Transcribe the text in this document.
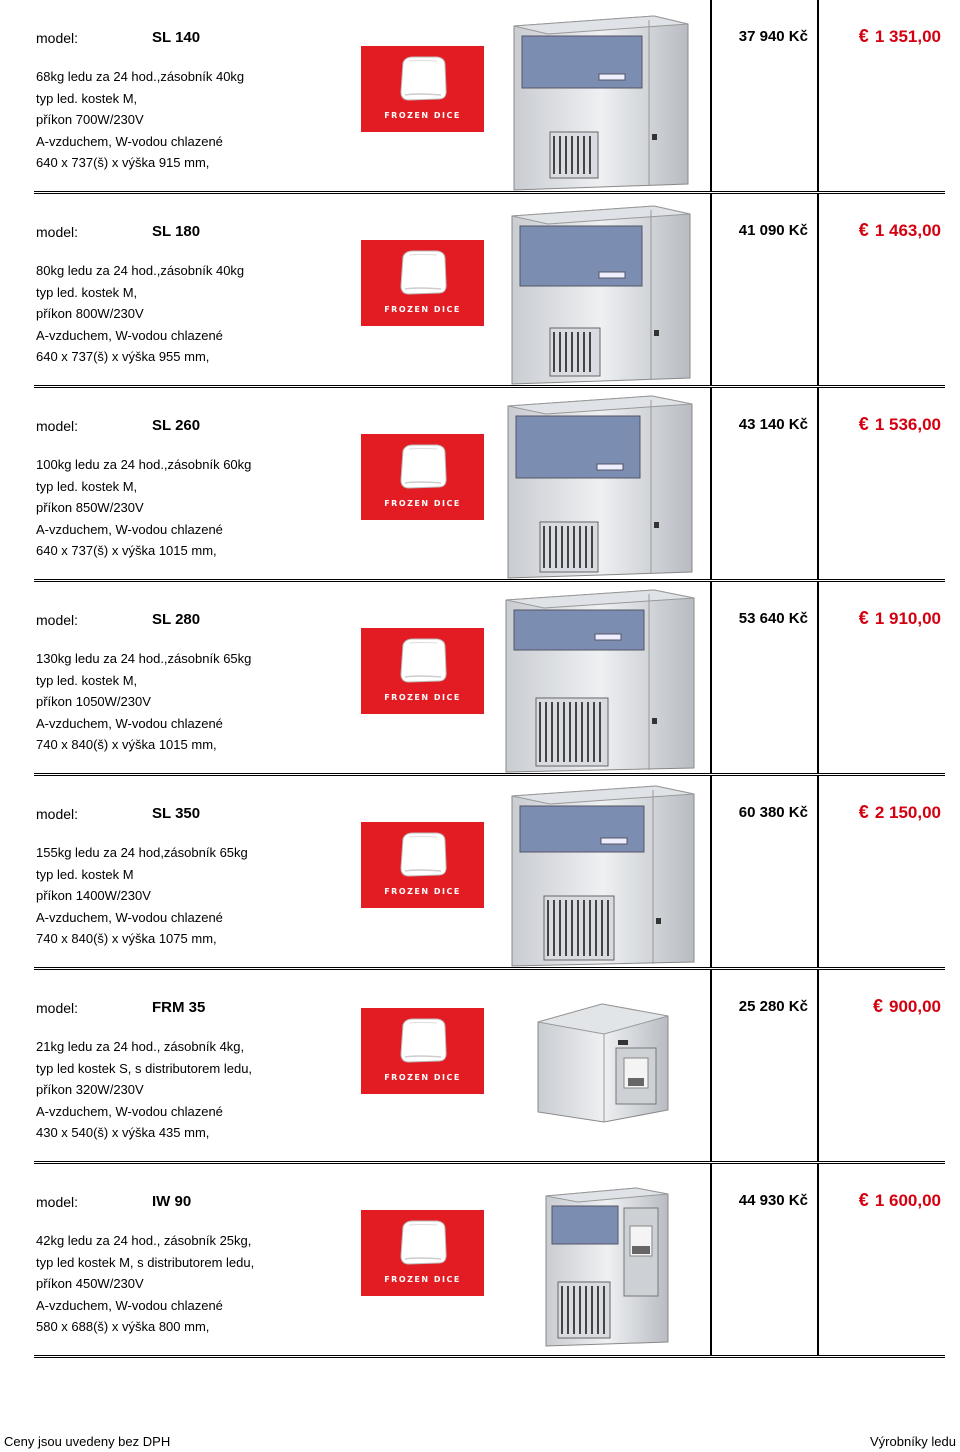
model:	SL 140	37 940 Kč	€ 1 351,00
68kg ledu za 24 hod.,zásobník 40kg
typ led. kostek M,
příkon 700W/230V
A-vzduchem, W-vodou chlazené
640 x 737(š) x výška 915 mm,
FROZEN DICE
model:	SL 180	41 090 Kč	€ 1 463,00
80kg ledu za 24 hod.,zásobník 40kg
typ led. kostek M,
příkon 800W/230V
A-vzduchem, W-vodou chlazené
640 x 737(š) x výška 955 mm,
FROZEN DICE
model:	SL 260	43 140 Kč	€ 1 536,00
100kg ledu za 24 hod.,zásobník 60kg
typ led. kostek M,
příkon 850W/230V
A-vzduchem, W-vodou chlazené
640 x 737(š) x výška 1015 mm,
FROZEN DICE
model:	SL 280	53 640 Kč	€ 1 910,00
130kg ledu za 24 hod.,zásobník 65kg
typ led. kostek M,
příkon 1050W/230V
A-vzduchem, W-vodou chlazené
740 x 840(š) x výška 1015 mm,
FROZEN DICE
model:	SL 350	60 380 Kč	€ 2 150,00
155kg ledu za 24 hod,zásobník 65kg
typ led. kostek M
příkon 1400W/230V
A-vzduchem, W-vodou chlazené
740 x 840(š) x výška 1075 mm,
FROZEN DICE
model:	FRM 35	25 280 Kč	€ 900,00
21kg ledu za 24 hod., zásobník 4kg,
typ led kostek S, s distributorem ledu,
příkon 320W/230V
A-vzduchem, W-vodou chlazené
430 x 540(š) x výška 435 mm,
FROZEN DICE
model:	IW 90	44 930 Kč	€ 1 600,00
42kg ledu za 24 hod., zásobník 25kg,
typ led kostek M, s distributorem ledu,
příkon 450W/230V
A-vzduchem, W-vodou chlazené
580 x 688(š) x výška 800 mm,
FROZEN DICE
Ceny jsou uvedeny bez DPH	Výrobníky ledu
